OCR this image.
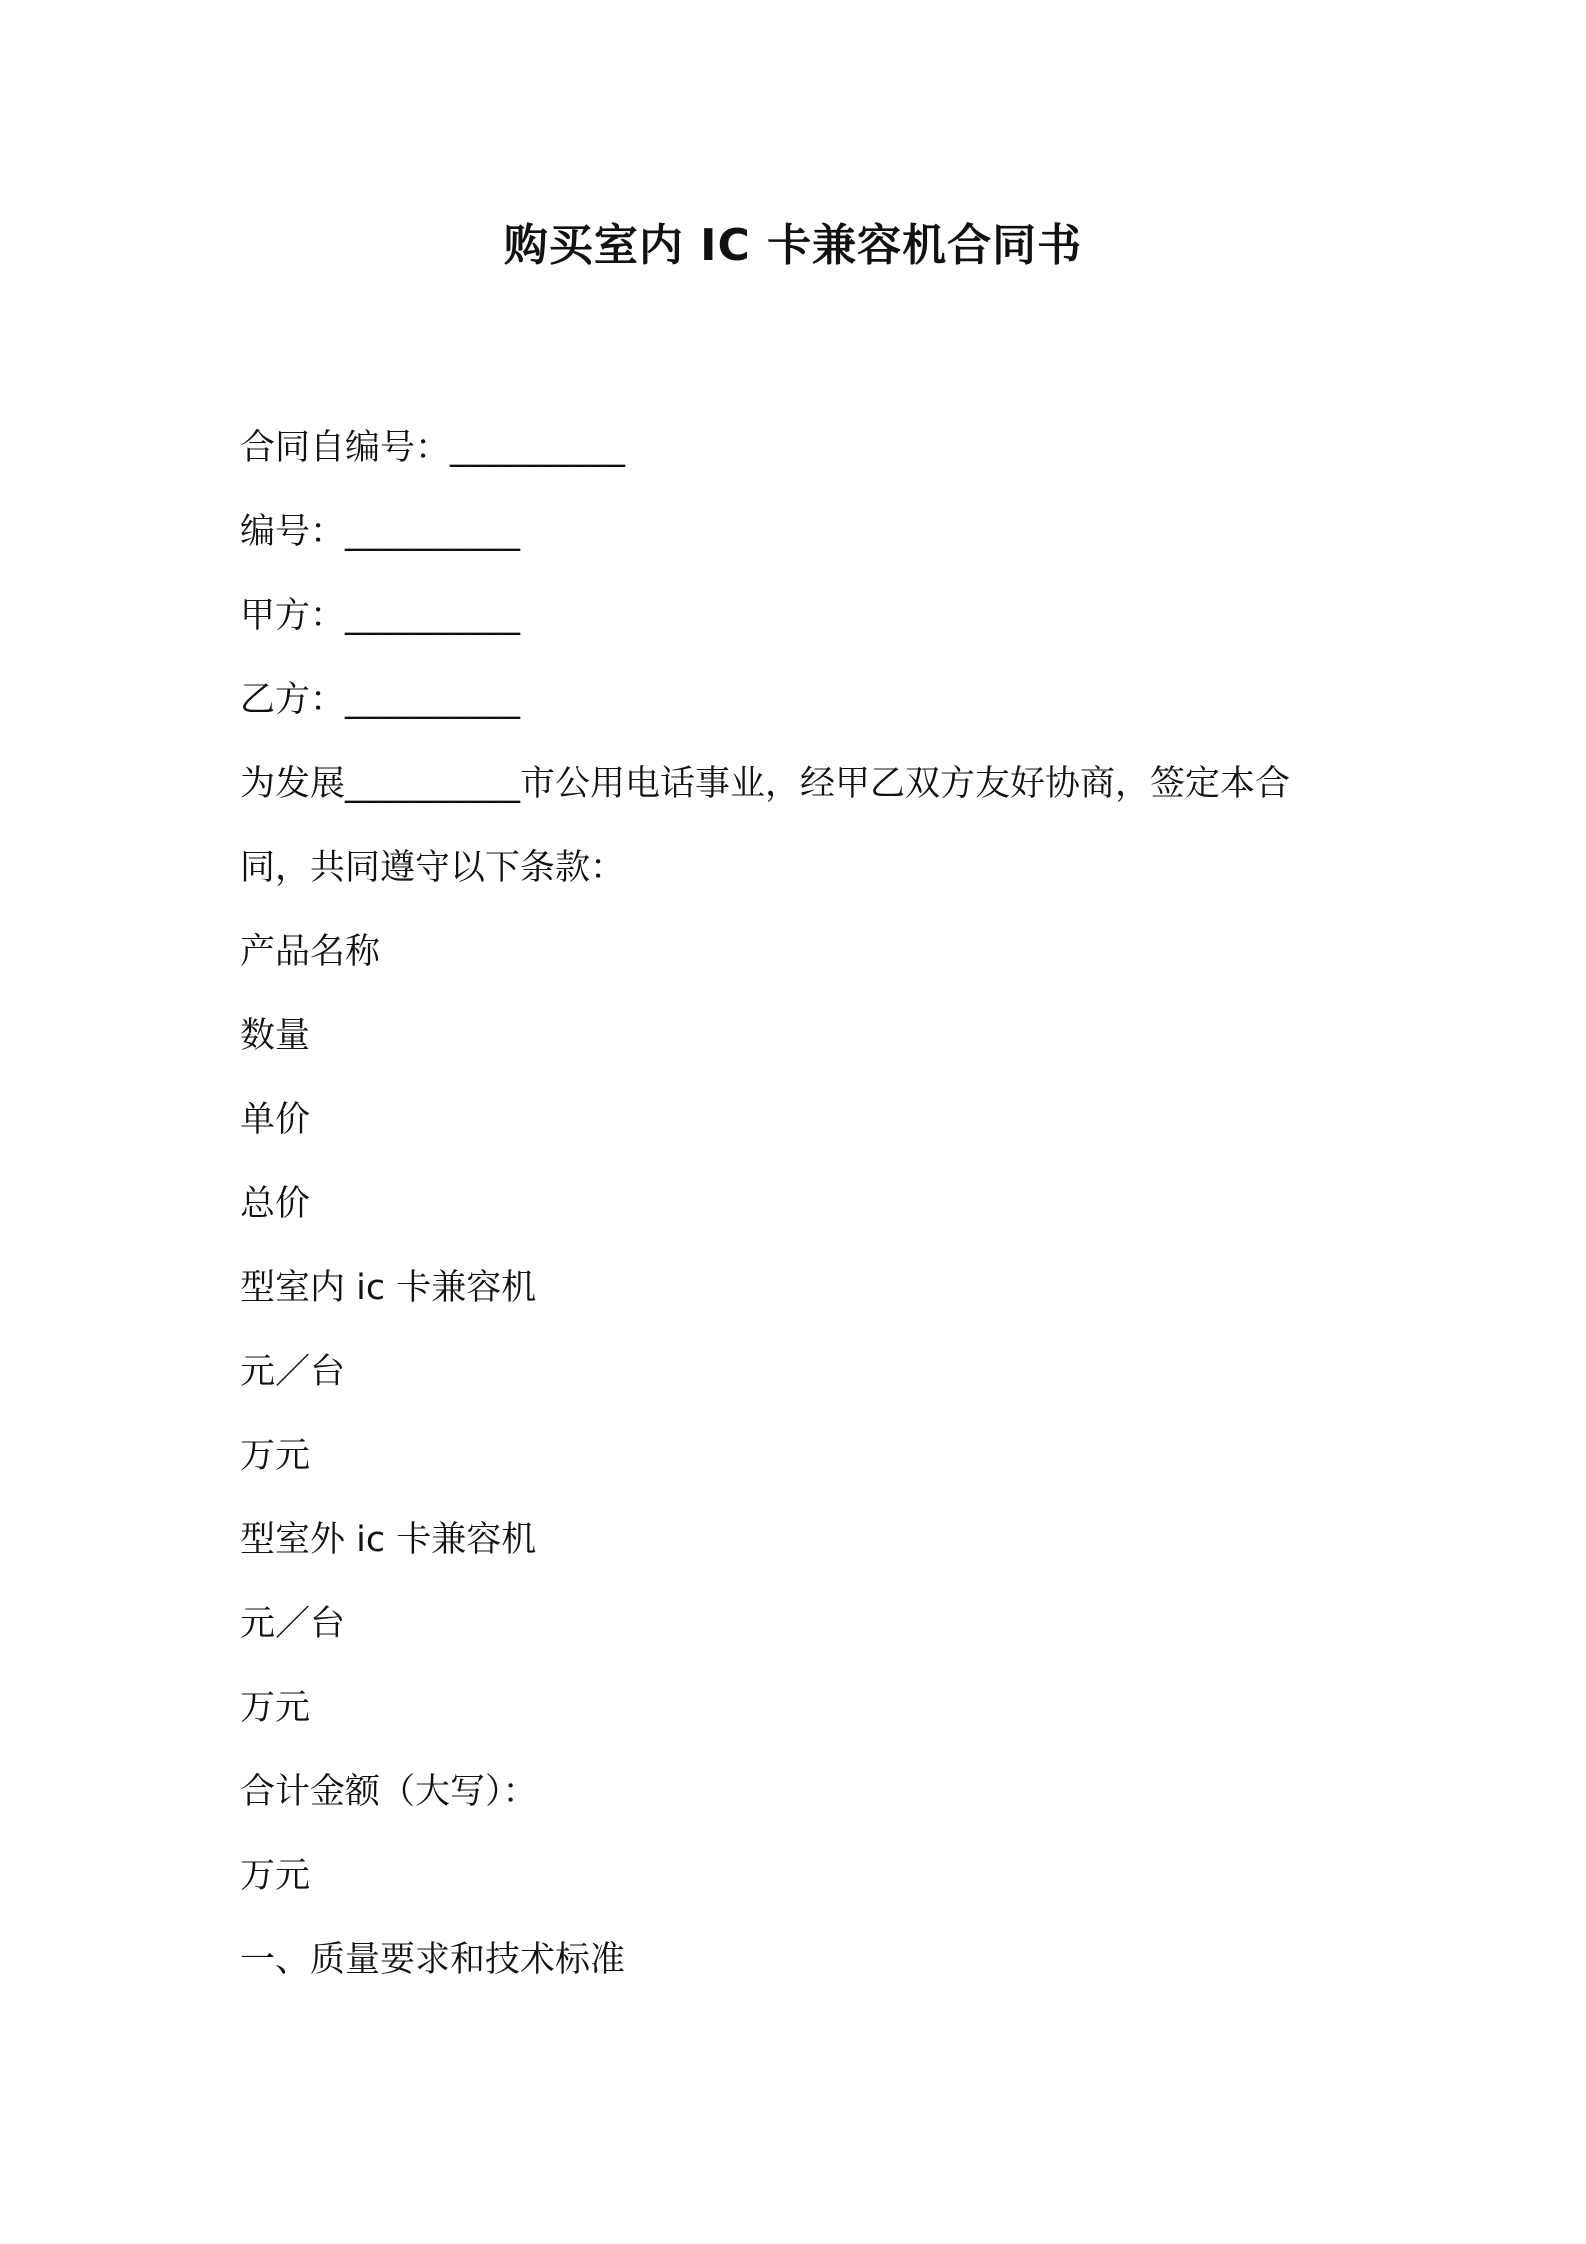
购买室内 IC 卡兼容机合同书
合同自编号：__________
编号：__________
甲方：__________
乙方：__________
为发展__________市公用电话事业，经甲乙双方友好协商，签定本合
同，共同遵守以下条款：
产品名称
数量
单价
总价
型室内 ic 卡兼容机
元／台
万元
型室外 ic 卡兼容机
元／台
万元
合计金额（大写）：
万元
一、质量要求和技术标准
